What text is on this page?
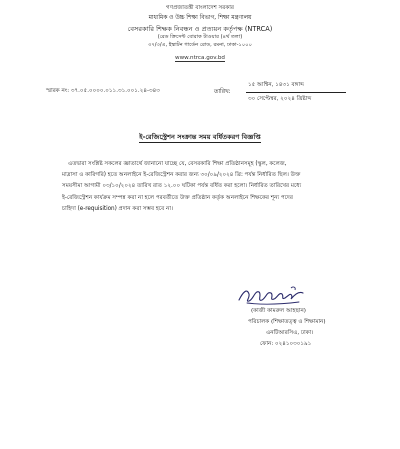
গণপ্রজাতন্ত্রী বাংলাদেশ সরকার
মাধ্যমিক ও উচ্চ শিক্ষা বিভাগ, শিক্ষা মন্ত্রণালয়
বেসরকারি শিক্ষক নিবন্ধন ও প্রত্যয়ন কর্তৃপক্ষ (NTRCA)
(রেড ক্রিসেন্ট বোরাক টাওয়ার (৪র্থ তলা)
৩৭/৩/এ, ইস্কাটন গার্ডেন রোড, রমনা, ঢাকা-১০০০
www.ntrca.gov.bd
স্মারক নং: ৩৭.০৫.০০০০.০১১.৩১.০০১.২৪-৩৪৩	তারিখ:
১৫ আশ্বিন, ১৪৩১ বঙ্গাব্দ
৩০ সেপ্টেম্বর, ২০২৪ খ্রিষ্টাব্দ
ই-রেজিস্ট্রেশন সংক্রান্ত সময় বর্ধিতকরণ বিজ্ঞপ্তি
এতদ্বারা সংশ্লিষ্ট সকলের জ্ঞাতার্থে জানানো যাচ্ছে যে, বেসরকারি শিক্ষা প্রতিষ্ঠানসমূহ (স্কুল, কলেজ,
মাদ্রাসা ও কারিগরি) হতে অনলাইনে ই-রেজিস্ট্রেশন করার জন্য ৩০/০৯/২০২৪ খ্রি: পর্যন্ত নির্ধারিত ছিল। উক্ত
সময়সীমা আগামী ০৩/১০/২০২৪ তারিখ রাত ১২.০০ ঘটিকা পর্যন্ত বর্ধিত করা হলো। নির্ধারিত তারিখের মধ্যে
ই-রেজিস্ট্রেশন কার্যক্রম সম্পন্ন করা না হলে পরবর্তীতে উক্ত প্রতিষ্ঠান কর্তৃক অনলাইনে শিক্ষকের শূন্য পদের
চাহিদা (e-requisition) প্রদান করা সম্ভব হবে না।
(কাজী কামরুল আহছান)
পরিচালক (শিক্ষাতত্ত্ব ও শিক্ষামান)
এনটিআরসিএ, ঢাকা।
ফোন: ০২৪১০৩০১৯১
